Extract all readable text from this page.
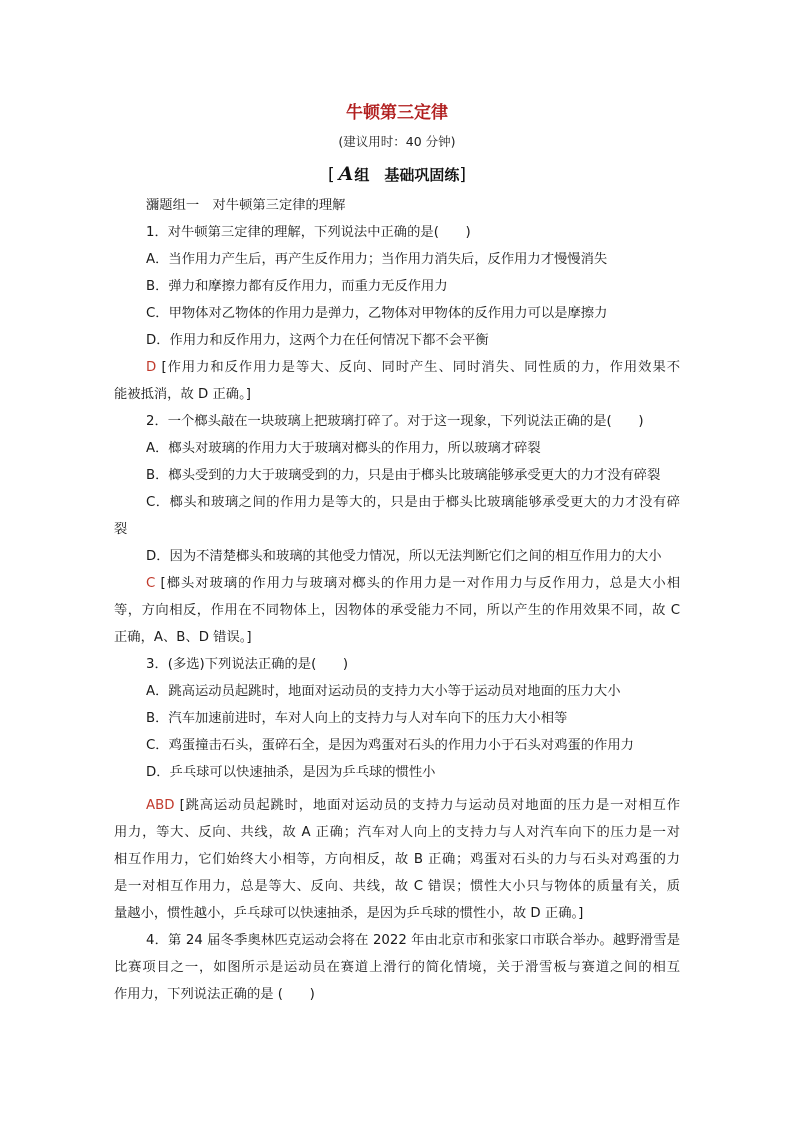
牛顿第三定律
(建议用时：40 分钟)
[ A组　基础巩固练]
瀰题组一　对牛顿第三定律的理解
1．对牛顿第三定律的理解，下列说法中正确的是(　　)
A．当作用力产生后，再产生反作用力；当作用力消失后，反作用力才慢慢消失
B．弹力和摩擦力都有反作用力，而重力无反作用力
C．甲物体对乙物体的作用力是弹力，乙物体对甲物体的反作用力可以是摩擦力
D．作用力和反作用力，这两个力在任何情况下都不会平衡
D [作用力和反作用力是等大、反向、同时产生、同时消失、同性质的力，作用效果不
能被抵消，故 D 正确。]
2．一个榔头敲在一块玻璃上把玻璃打碎了。对于这一现象，下列说法正确的是(　　)
A．榔头对玻璃的作用力大于玻璃对榔头的作用力，所以玻璃才碎裂
B．榔头受到的力大于玻璃受到的力，只是由于榔头比玻璃能够承受更大的力才没有碎裂
C．榔头和玻璃之间的作用力是等大的，只是由于榔头比玻璃能够承受更大的力才没有碎
裂
D．因为不清楚榔头和玻璃的其他受力情况，所以无法判断它们之间的相互作用力的大小
C [榔头对玻璃的作用力与玻璃对榔头的作用力是一对作用力与反作用力，总是大小相
等，方向相反，作用在不同物体上，因物体的承受能力不同，所以产生的作用效果不同，故 C
正确，A、B、D 错误。]
3．(多选)下列说法正确的是(　　)
A．跳高运动员起跳时，地面对运动员的支持力大小等于运动员对地面的压力大小
B．汽车加速前进时，车对人向上的支持力与人对车向下的压力大小相等
C．鸡蛋撞击石头，蛋碎石全，是因为鸡蛋对石头的作用力小于石头对鸡蛋的作用力
D．乒乓球可以快速抽杀，是因为乒乓球的惯性小
ABD [跳高运动员起跳时，地面对运动员的支持力与运动员对地面的压力是一对相互作
用力，等大、反向、共线，故 A 正确；汽车对人向上的支持力与人对汽车向下的压力是一对
相互作用力，它们始终大小相等，方向相反，故 B 正确；鸡蛋对石头的力与石头对鸡蛋的力
是一对相互作用力，总是等大、反向、共线，故 C 错误；惯性大小只与物体的质量有关，质
量越小，惯性越小，乒乓球可以快速抽杀，是因为乒乓球的惯性小，故 D 正确。]
4．第 24 届冬季奥林匹克运动会将在 2022 年由北京市和张家口市联合举办。越野滑雪是
比赛项目之一，如图所示是运动员在赛道上滑行的简化情境，关于滑雪板与赛道之间的相互
作用力，下列说法正确的是 (　　)
